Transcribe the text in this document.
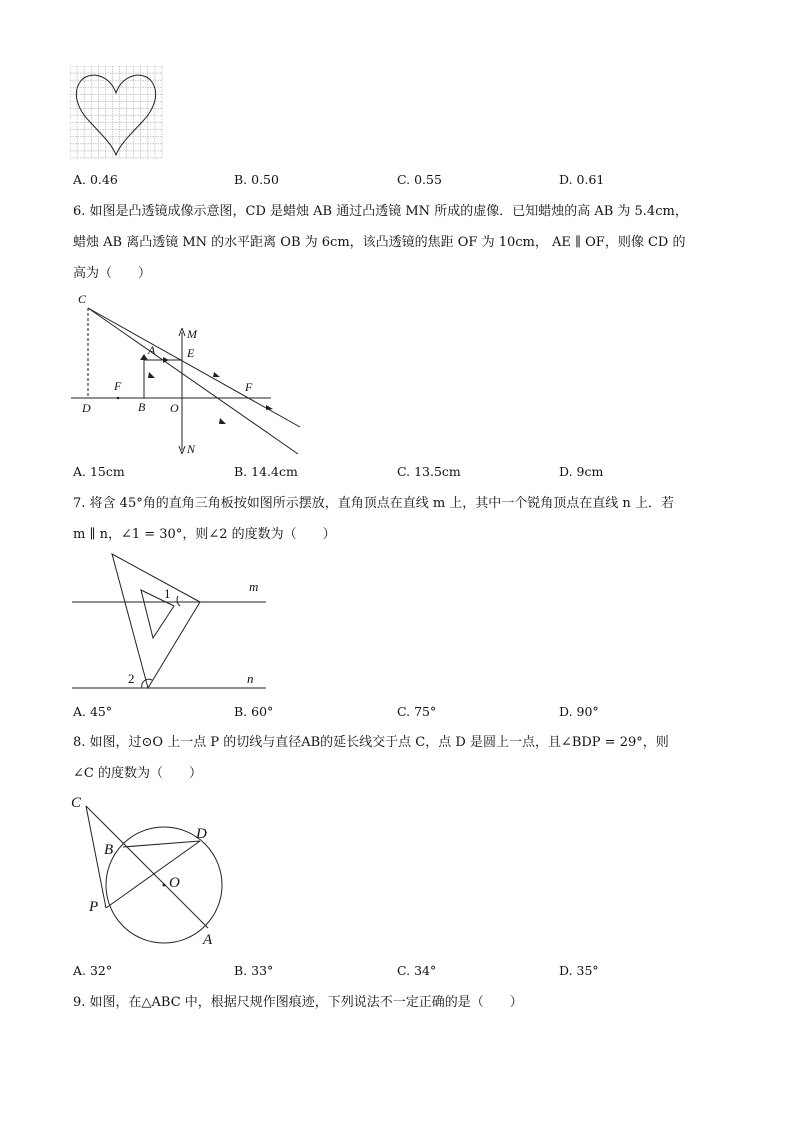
A. 0.46	B. 0.50	C. 0.55	D. 0.61
6. 如图是凸透镜成像示意图，CD 是蜡烛 AB 通过凸透镜 MN 所成的虚像．已知蜡烛的高 AB 为 5.4cm，
蜡烛 AB 离凸透镜 MN 的水平距离 OB 为 6cm，该凸透镜的焦距 OF 为 10cm， AE ∥ OF，则像 CD 的
高为（　　）
C
M
A	E
F	F
D	B O
N
A. 15cm	B. 14.4cm	C. 13.5cm	D. 9cm
7. 将含 45°角的直角三角板按如图所示摆放，直角顶点在直线 m 上，其中一个锐角顶点在直线 n 上．若
m ∥ n，∠1 = 30°，则∠2 的度数为（　　）
1	m
2	n
A. 45°	B. 60°	C. 75°	D. 90°
8. 如图，过⊙O 上一点 P 的切线与直径AB的延长线交于点 C，点 D 是圆上一点，且∠BDP = 29°，则
∠C 的度数为（　　）
C
D
B
O
P
A
A. 32°	B. 33°	C. 34°	D. 35°
9. 如图，在△ABC 中，根据尺规作图痕迹，下列说法不一定正确的是（　　）
